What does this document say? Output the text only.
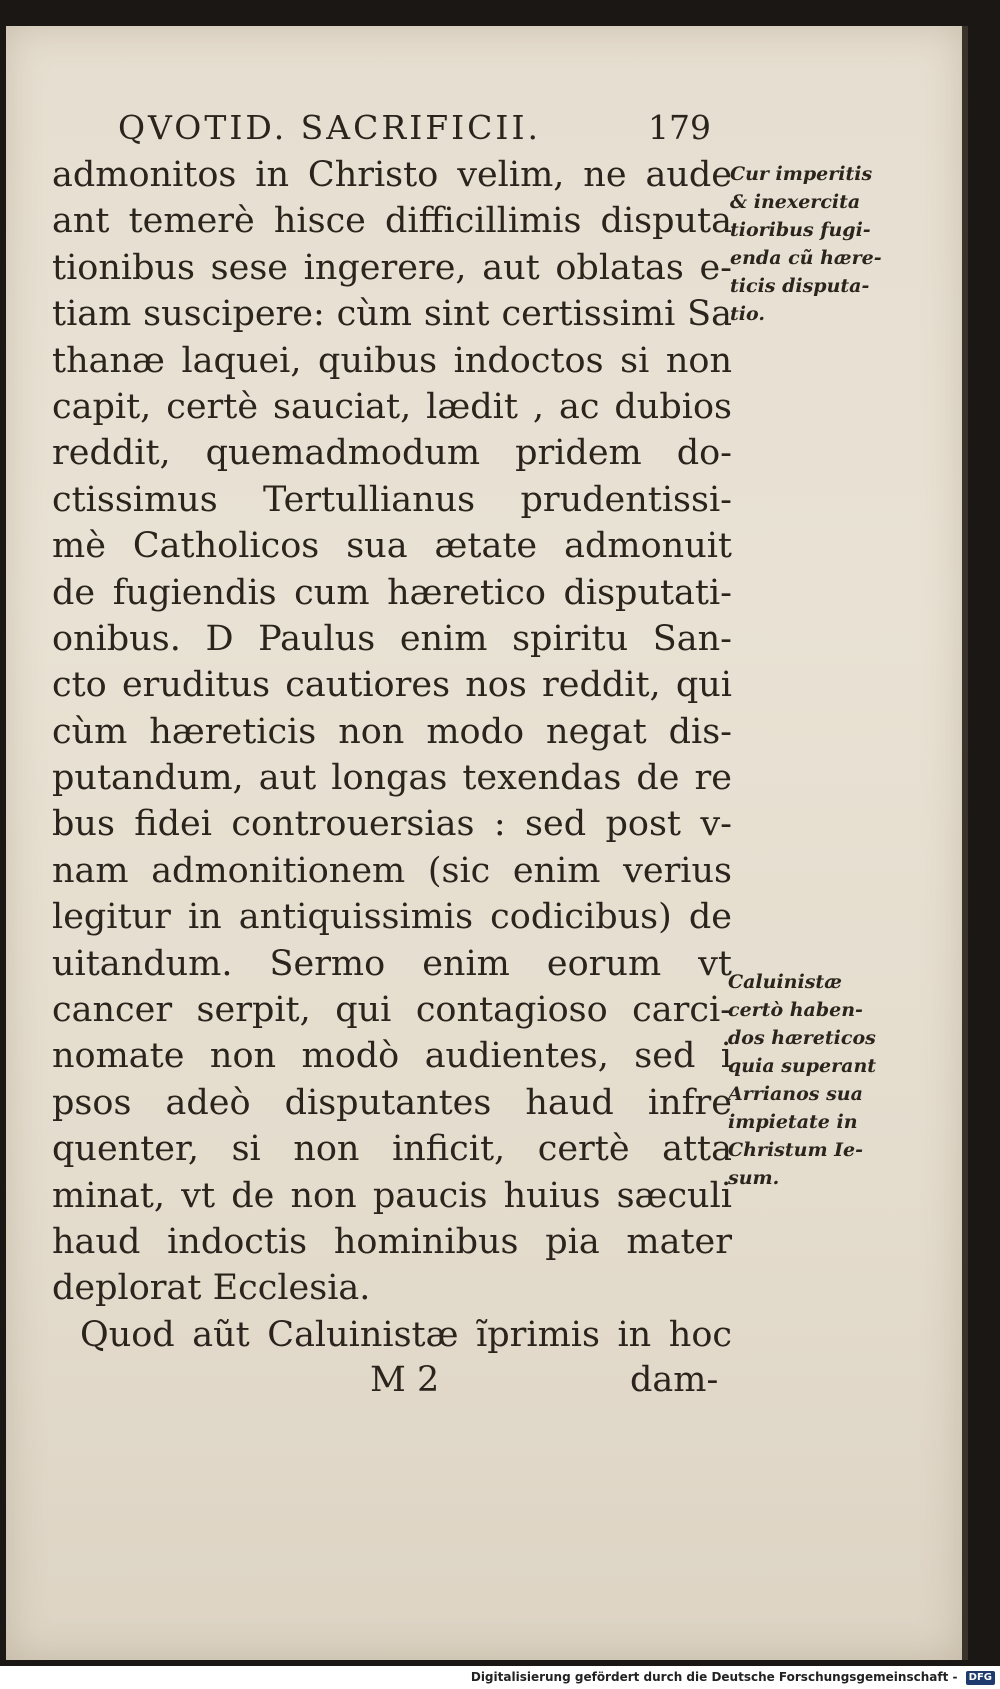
QVOTID. SACRIFICII.	179
admonitos in Christo velim, ne aude
ant temerè hisce difficillimis disputa
tionibus sese ingerere, aut oblatas e-
tiam suscipere: cùm sint certissimi Sa
thanæ laquei, quibus indoctos si non
capit, certè sauciat, lædit , ac dubios
reddit, quemadmodum pridem do-
ctissimus Tertullianus prudentissi-
mè Catholicos sua ætate admonuit
de fugiendis cum hæretico disputati-
onibus. D Paulus enim spiritu San-
cto eruditus cautiores nos reddit, qui
cùm hæreticis non modo negat dis-
putandum, aut longas texendas de re
bus fidei controuersias : sed post v-
nam admonitionem (sic enim verius
legitur in antiquissimis codicibus) de
uitandum. Sermo enim eorum vt
cancer serpit, qui contagioso carci-
nomate non modò audientes, sed i
psos adeò disputantes haud infre
quenter, si non inficit, certè atta
minat, vt de non paucis huius sæculi
haud indoctis hominibus pia mater
deplorat Ecclesia.
Quod aũt Caluinistæ ĩprimis in hoc
M 2	dam-
Cur imperitis
& inexercita
tioribus fugi-
enda cũ hære-
ticis disputa-
tio.
Caluinistæ
certò haben-
dos hæreticos
quia superant
Arrianos sua
impietate in
Christum Ie-
sum.
Digitalisierung gefördert durch die Deutsche Forschungsgemeinschaft - DFG
